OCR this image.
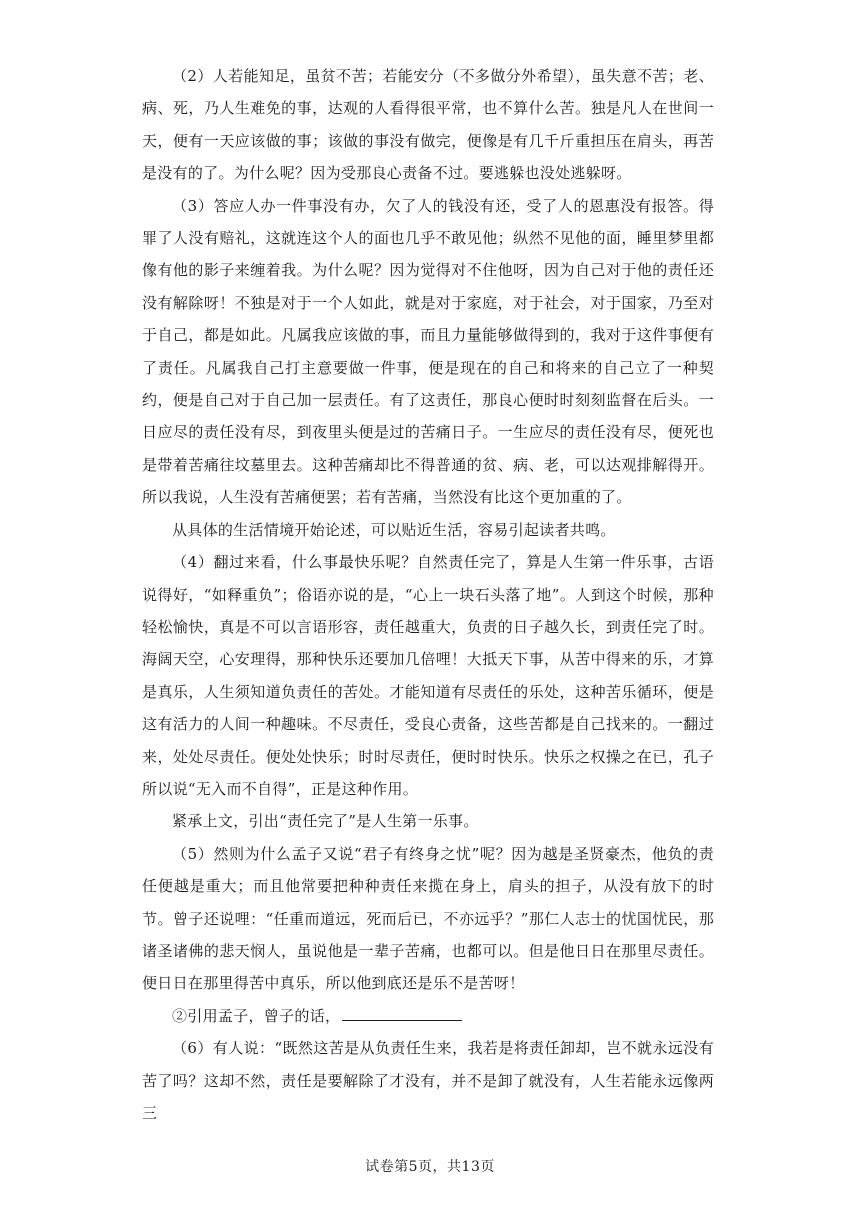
（2）人若能知足，虽贫不苦；若能安分（不多做分外希望），虽失意不苦；老、病、死，乃人生难免的事，达观的人看得很平常，也不算什么苦。独是凡人在世间一天，便有一天应该做的事；该做的事没有做完，便像是有几千斤重担压在肩头，再苦是没有的了。为什么呢？因为受那良心责备不过。要逃躲也没处逃躲呀。

（3）答应人办一件事没有办，欠了人的钱没有还，受了人的恩惠没有报答。得罪了人没有赔礼，这就连这个人的面也几乎不敢见他；纵然不见他的面，睡里梦里都像有他的影子来缠着我。为什么呢？因为觉得对不住他呀，因为自己对于他的责任还没有解除呀！不独是对于一个人如此，就是对于家庭，对于社会，对于国家，乃至对于自己，都是如此。凡属我应该做的事，而且力量能够做得到的，我对于这件事便有了责任。凡属我自己打主意要做一件事，便是现在的自己和将来的自己立了一种契约，便是自己对于自己加一层责任。有了这责任，那良心便时时刻刻监督在后头。一日应尽的责任没有尽，到夜里头便是过的苦痛日子。一生应尽的责任没有尽，便死也是带着苦痛往坟墓里去。这种苦痛却比不得普通的贫、病、老，可以达观排解得开。所以我说，人生没有苦痛便罢；若有苦痛，当然没有比这个更加重的了。

从具体的生活情境开始论述，可以贴近生活，容易引起读者共鸣。

（4）翻过来看，什么事最快乐呢？自然责任完了，算是人生第一件乐事，古语说得好，“如释重负”；俗语亦说的是，“心上一块石头落了地”。人到这个时候，那种轻松愉快，真是不可以言语形容，责任越重大，负责的日子越久长，到责任完了时。海阔天空，心安理得，那种快乐还要加几倍哩！大抵天下事，从苦中得来的乐，才算是真乐，人生须知道负责任的苦处。才能知道有尽责任的乐处，这种苦乐循环，便是这有活力的人间一种趣味。不尽责任，受良心责备，这些苦都是自己找来的。一翻过来，处处尽责任。便处处快乐；时时尽责任，便时时快乐。快乐之权操之在已，孔子所以说“无入而不自得”，正是这种作用。

紧承上文，引出“责任完了”是人生第一乐事。

（5）然则为什么孟子又说“君子有终身之忧”呢？因为越是圣贤豪杰，他负的责任便越是重大；而且他常要把种种责任来揽在身上，肩头的担子，从没有放下的时节。曾子还说哩：“任重而道远，死而后已，不亦远乎？”那仁人志士的忧国忧民，那诸圣诸佛的悲天悯人，虽说他是一辈子苦痛，也都可以。但是他日日在那里尽责任。便日日在那里得苦中真乐，所以他到底还是乐不是苦呀！

②引用孟子，曾子的话，

（6）有人说：“既然这苦是从负责任生来，我若是将责任卸却，岂不就永远没有苦了吗？这却不然，责任是要解除了才没有，并不是卸了就没有，人生若能永远像两三

试卷第5页，共13页
